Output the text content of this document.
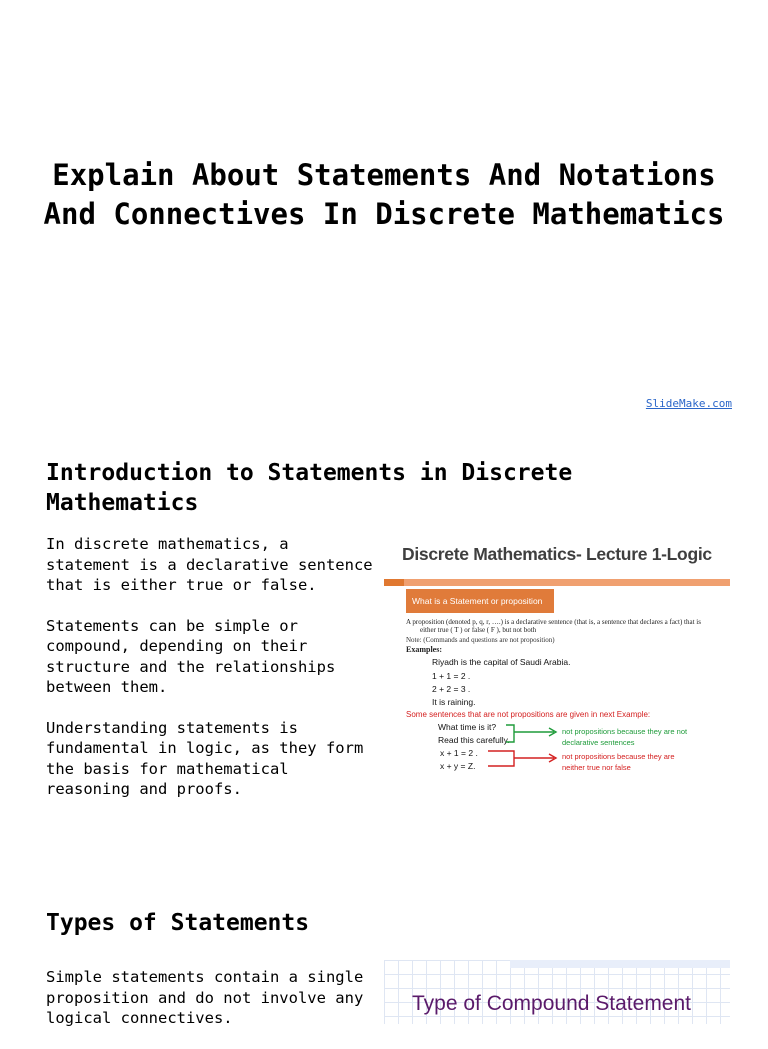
Explain About Statements And Notations And Connectives In Discrete Mathematics
SlideMake.com
Introduction to Statements in Discrete Mathematics

In discrete mathematics, a statement is a declarative sentence that is either true or false.

Statements can be simple or compound, depending on their structure and the relationships between them.

Understanding statements is fundamental in logic, as they form the basis for mathematical reasoning and proofs.

Discrete Mathematics- Lecture 1-Logic
What is a Statement or proposition
A proposition (denoted p, q, r, ….) is a declarative sentence (that is, a sentence that declares a fact) that is
either true ( T ) or false ( F ), but not both
Note: (Commands and questions are not proposition)
Examples:
Riyadh is the capital of Saudi Arabia.
1 + 1 = 2 .
2 + 2 = 3 .
It is raining.
Some sentences that are not propositions are given in next Example:
What time is it?
Read this carefully.
x + 1 = 2 .
x + y = Z.
not propositions because they are not
declarative sentences
not propositions because they are
neither true nor false
Types of Statements

Simple statements contain a single proposition and do not involve any logical connectives.

Type of Compound Statement
